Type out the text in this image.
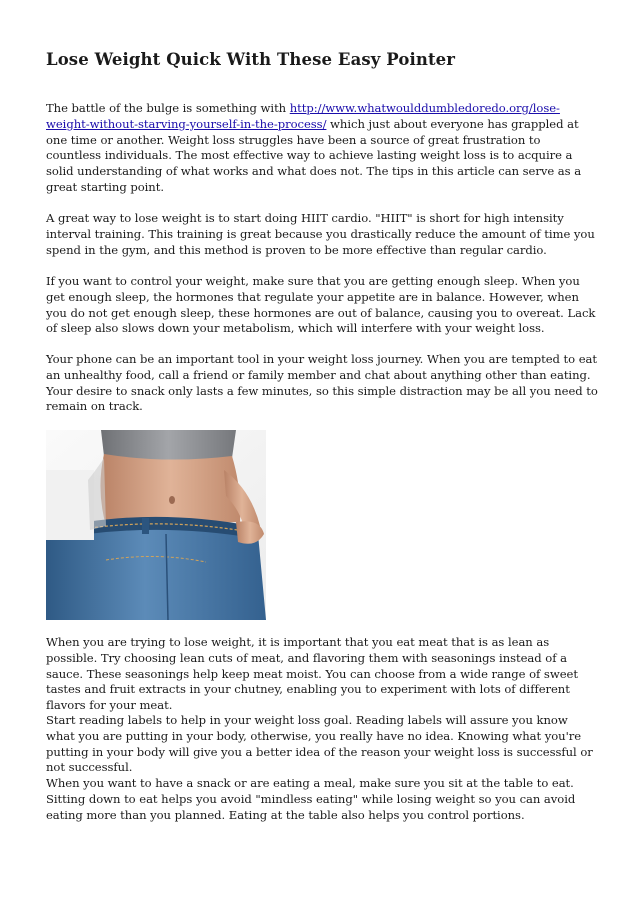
Lose Weight Quick With These Easy Pointer

The battle of the bulge is something with http://www.whatwoulddumbledoredo.org/lose-weight-without-starving-yourself-in-the-process/ which just about everyone has grappled at one time or another. Weight loss struggles have been a source of great frustration to countless individuals. The most effective way to achieve lasting weight loss is to acquire a solid understanding of what works and what does not. The tips in this article can serve as a great starting point.

A great way to lose weight is to start doing HIIT cardio. "HIIT" is short for high intensity interval training. This training is great because you drastically reduce the amount of time you spend in the gym, and this method is proven to be more effective than regular cardio.

If you want to control your weight, make sure that you are getting enough sleep. When you get enough sleep, the hormones that regulate your appetite are in balance. However, when you do not get enough sleep, these hormones are out of balance, causing you to overeat. Lack of sleep also slows down your metabolism, which will interfere with your weight loss.

Your phone can be an important tool in your weight loss journey. When you are tempted to eat an unhealthy food, call a friend or family member and chat about anything other than eating. Your desire to snack only lasts a few minutes, so this simple distraction may be all you need to remain on track.

When you are trying to lose weight, it is important that you eat meat that is as lean as possible. Try choosing lean cuts of meat, and flavoring them with seasonings instead of a sauce. These seasonings help keep meat moist. You can choose from a wide range of sweet tastes and fruit extracts in your chutney, enabling you to experiment with lots of different flavors for your meat.

Start reading labels to help in your weight loss goal. Reading labels will assure you know what you are putting in your body, otherwise, you really have no idea. Knowing what you're putting in your body will give you a better idea of the reason your weight loss is successful or not successful.

When you want to have a snack or are eating a meal, make sure you sit at the table to eat. Sitting down to eat helps you avoid "mindless eating" while losing weight so you can avoid eating more than you planned. Eating at the table also helps you control portions.
